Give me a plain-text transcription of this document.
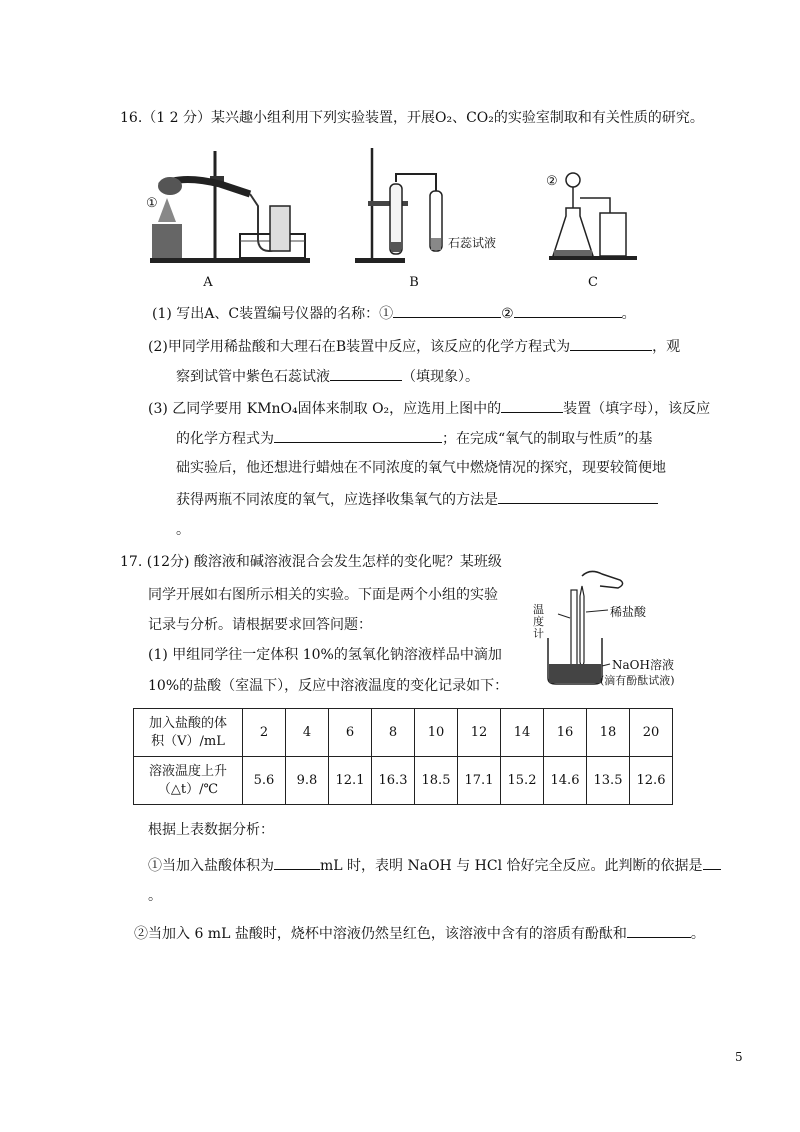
16.（1 2 分）某兴趣小组利用下列实验装置，开展O₂、CO₂的实验室制取和有关性质的研究。
①
石蕊试液
②
A	B	C
(1) 写出A、C装置编号仪器的名称：①	②	。
(2)甲同学用稀盐酸和大理石在B装置中反应，该反应的化学方程式为	，观
察到试管中紫色石蕊试液	（填现象）。
(3) 乙同学要用 KMnO₄固体来制取 O₂，应选用上图中的	装置（填字母），该反应
的化学方程式为	；在完成“氧气的制取与性质”的基
础实验后，他还想进行蜡烛在不同浓度的氧气中燃烧情况的探究，现要较简便地
获得两瓶不同浓度的氧气，应选择收集氧气的方法是
。
17. (12分) 酸溶液和碱溶液混合会发生怎样的变化呢？某班级
同学开展如右图所示相关的实验。下面是两个小组的实验
记录与分析。请根据要求回答问题：
(1) 甲组同学往一定体积 10%的氢氧化钠溶液样品中滴加
10%的盐酸（室温下），反应中溶液温度的变化记录如下：
温
度
计
稀盐酸
NaOH溶液
(滴有酚酞试液)
加入盐酸的体
积（V）/mL	2	4	6	8	10	12	14	16	18	20

溶液温度上升
（△t）/℃	5.6	9.8	12.1	16.3	18.5	17.1	15.2	14.6	13.5	12.6
根据上表数据分析：
①当加入盐酸体积为	mL 时，表明 NaOH 与 HCl 恰好完全反应。此判断的依据是
。
②当加入 6 mL 盐酸时，烧杯中溶液仍然呈红色，该溶液中含有的溶质有酚酞和	。
5
